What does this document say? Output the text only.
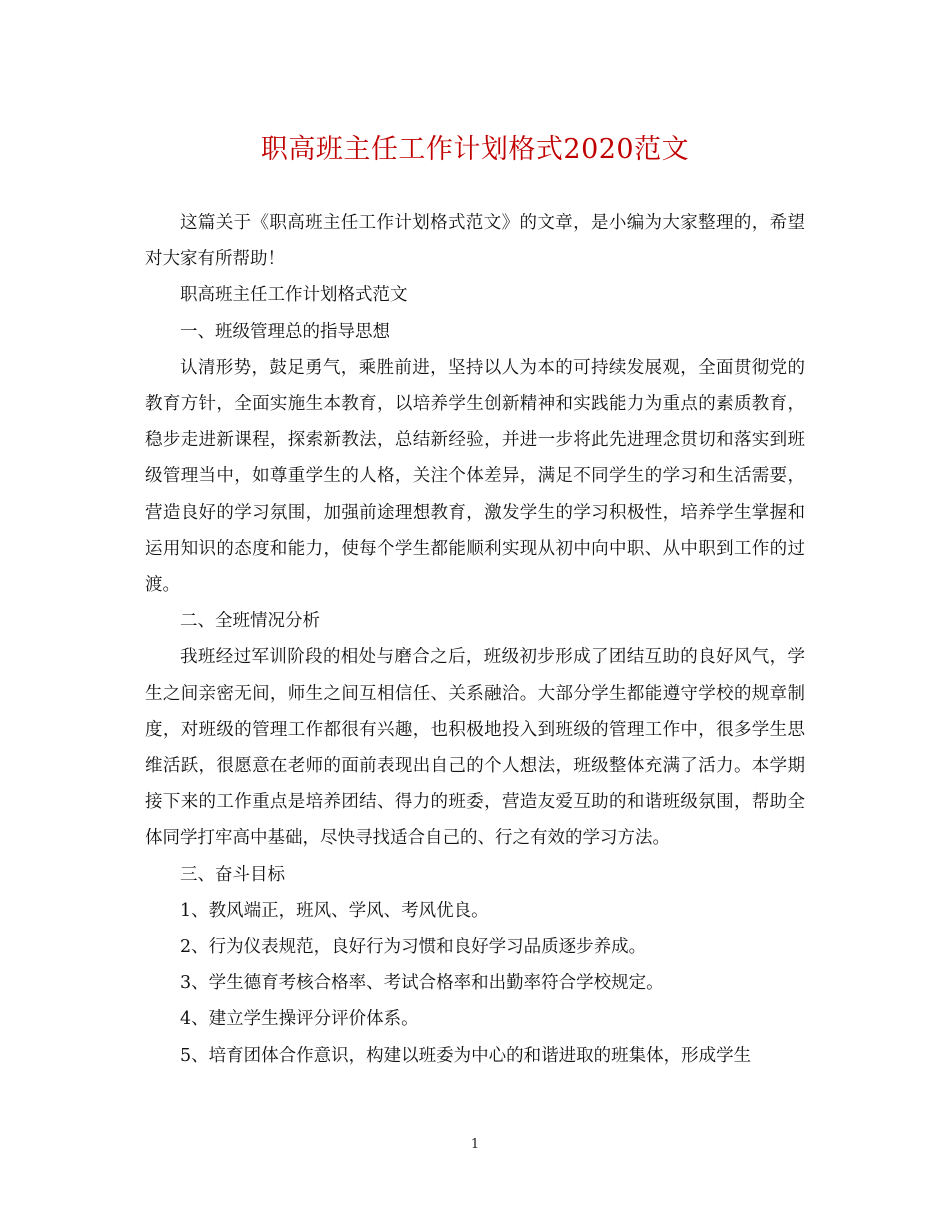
职高班主任工作计划格式2020范文

这篇关于《职高班主任工作计划格式范文》的文章，是小编为大家整理的，希望对大家有所帮助！

职高班主任工作计划格式范文

一、班级管理总的指导思想

认清形势，鼓足勇气，乘胜前进，坚持以人为本的可持续发展观，全面贯彻党的教育方针，全面实施生本教育，以培养学生创新精神和实践能力为重点的素质教育，稳步走进新课程，探索新教法，总结新经验，并进一步将此先进理念贯切和落实到班级管理当中，如尊重学生的人格，关注个体差异，满足不同学生的学习和生活需要，营造良好的学习氛围，加强前途理想教育，激发学生的学习积极性，培养学生掌握和运用知识的态度和能力，使每个学生都能顺利实现从初中向中职、从中职到工作的过渡。

二、全班情况分析

我班经过军训阶段的相处与磨合之后，班级初步形成了团结互助的良好风气，学生之间亲密无间，师生之间互相信任、关系融洽。大部分学生都能遵守学校的规章制度，对班级的管理工作都很有兴趣，也积极地投入到班级的管理工作中，很多学生思维活跃，很愿意在老师的面前表现出自己的个人想法，班级整体充满了活力。本学期接下来的工作重点是培养团结、得力的班委，营造友爱互助的和谐班级氛围，帮助全体同学打牢高中基础，尽快寻找适合自己的、行之有效的学习方法。

三、奋斗目标

1、教风端正，班风、学风、考风优良。

2、行为仪表规范，良好行为习惯和良好学习品质逐步养成。

3、学生德育考核合格率、考试合格率和出勤率符合学校规定。

4、建立学生操评分评价体系。

5、培育团体合作意识，构建以班委为中心的和谐进取的班集体，形成学生

1
